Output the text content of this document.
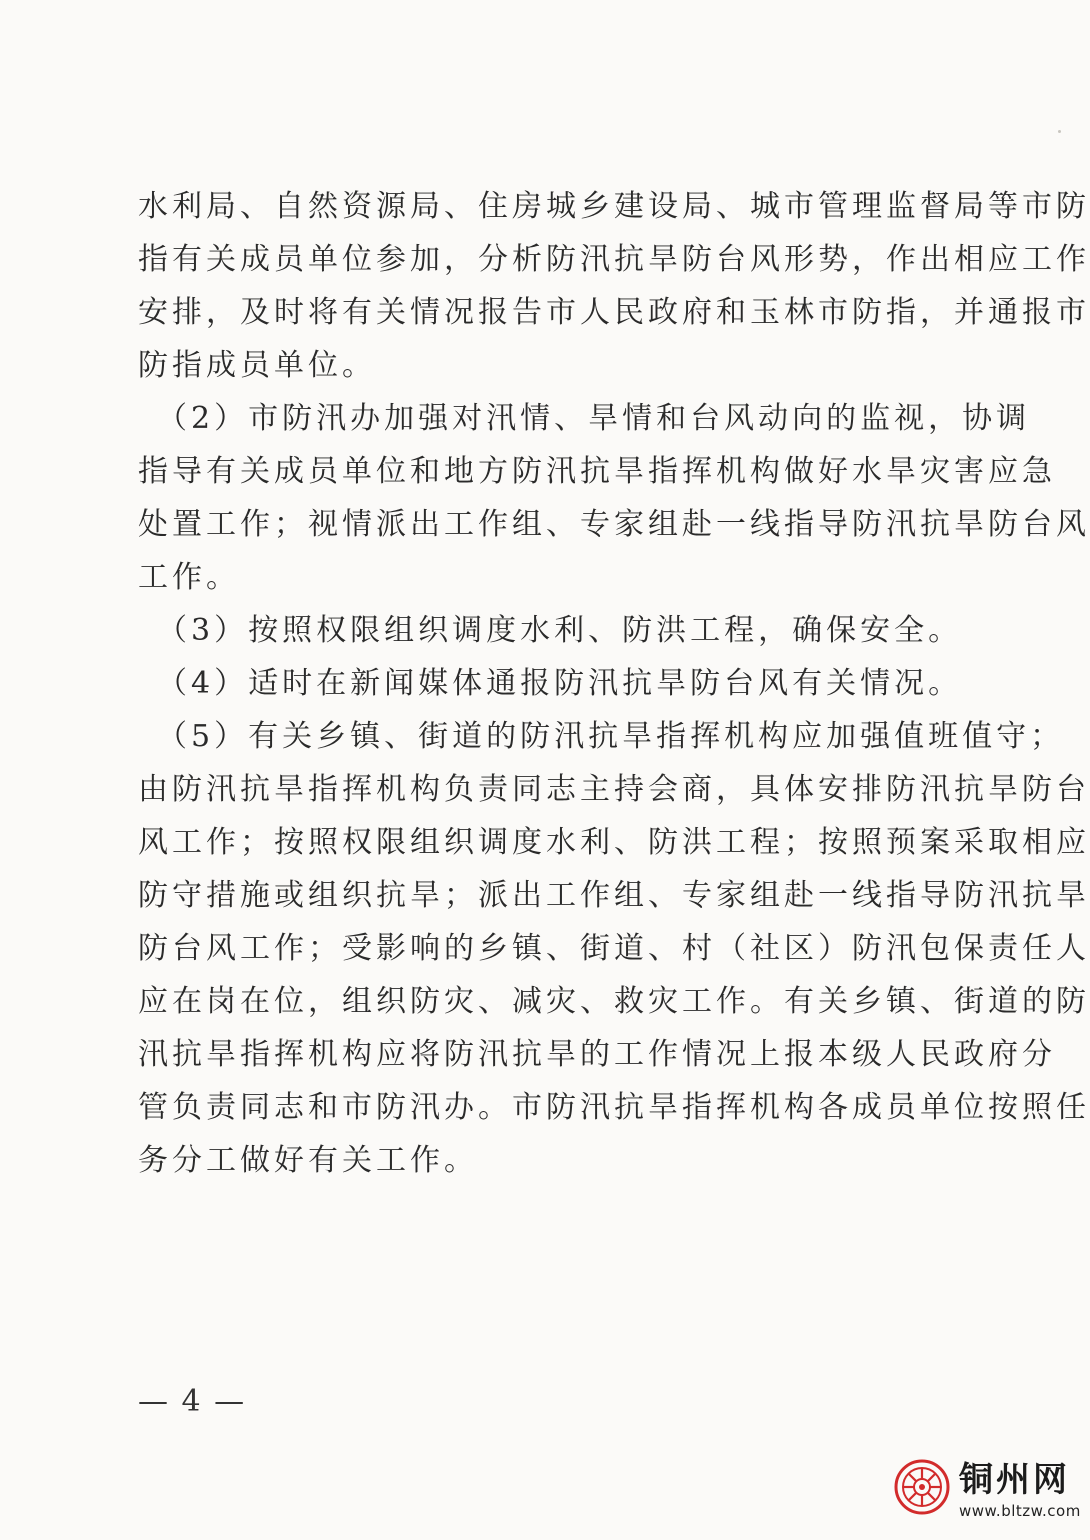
水利局、自然资源局、住房城乡建设局、城市管理监督局等市防
指有关成员单位参加，分析防汛抗旱防台风形势，作出相应工作
安排，及时将有关情况报告市人民政府和玉林市防指，并通报市
防指成员单位。
　（2）市防汛办加强对汛情、旱情和台风动向的监视，协调
指导有关成员单位和地方防汛抗旱指挥机构做好水旱灾害应急
处置工作；视情派出工作组、专家组赴一线指导防汛抗旱防台风
工作。
　（3）按照权限组织调度水利、防洪工程，确保安全。
　（4）适时在新闻媒体通报防汛抗旱防台风有关情况。
　（5）有关乡镇、街道的防汛抗旱指挥机构应加强值班值守；
由防汛抗旱指挥机构负责同志主持会商，具体安排防汛抗旱防台
风工作；按照权限组织调度水利、防洪工程；按照预案采取相应
防守措施或组织抗旱；派出工作组、专家组赴一线指导防汛抗旱
防台风工作；受影响的乡镇、街道、村（社区）防汛包保责任人
应在岗在位，组织防灾、减灾、救灾工作。有关乡镇、街道的防
汛抗旱指挥机构应将防汛抗旱的工作情况上报本级人民政府分
管负责同志和市防汛办。市防汛抗旱指挥机构各成员单位按照任
务分工做好有关工作。
— 4 —
铜州网
www.bltzw.com
